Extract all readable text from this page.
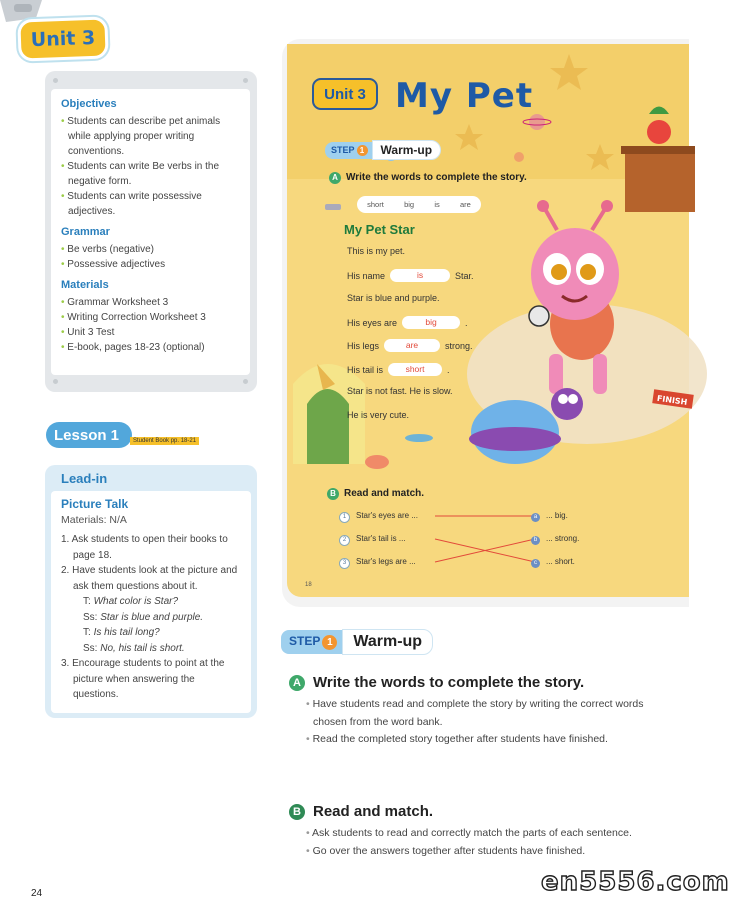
Unit 3
Objectives
• Students can describe pet animals while applying proper writing conventions.
• Students can write Be verbs in the negative form.
• Students can write possessive adjectives.
Grammar
• Be verbs (negative)
• Possessive adjectives
Materials
• Grammar Worksheet 3
• Writing Correction Worksheet 3
• Unit 3 Test
• E-book, pages 18-23 (optional)
Lesson 1	Student Book pp. 18-21
Lead-in
Picture Talk
Materials: N/A
1. Ask students to open their books to page 18.
2. Have students look at the picture and ask them questions about it.
T: What color is Star?
Ss: Star is blue and purple.
T: Is his tail long?
Ss: No, his tail is short.
3. Encourage students to point at the picture when answering the questions.
FINISH
Unit 3 My Pet
STEP 1	Warm-up
A Write the words to complete the story.
short	big	is	are
My Pet Star
This is my pet.
His name	is	Star.
Star is blue and purple.
His eyes are	big	.
His legs	are	strong.
His tail is	short	.
Star is not fast. He is slow.
He is very cute.
B Read and match.
1 Star's eyes are ...
2 Star's tail is ...
3 Star's legs are ...
a ... big.
b ... strong.
c ... short.
18
STEP 1	Warm-up
A Write the words to complete the story.
• Have students read and complete the story by writing the correct words chosen from the word bank.
• Read the completed story together after students have finished.
B Read and match.
• Ask students to read and correctly match the parts of each sentence.
• Go over the answers together after students have finished.
24	en5556.com
